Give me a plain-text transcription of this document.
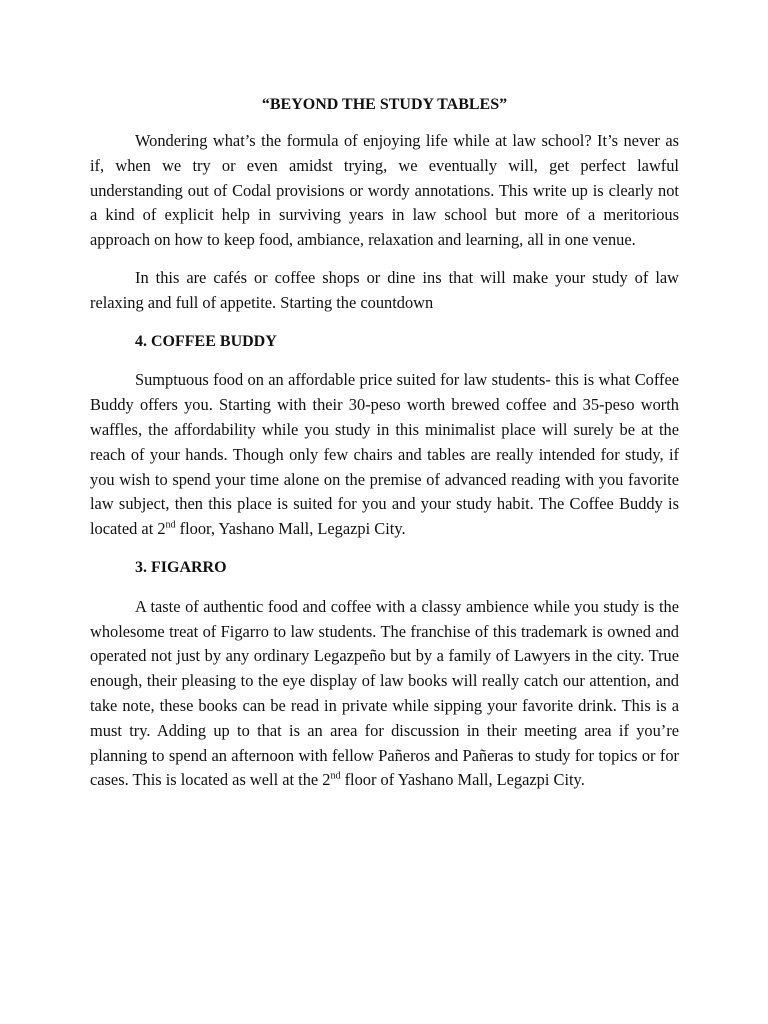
“BEYOND THE STUDY TABLES”

Wondering what’s the formula of enjoying life while at law school? It’s never as if, when we try or even amidst trying, we eventually will, get perfect lawful understanding out of Codal provisions or wordy annotations. This write up is clearly not a kind of explicit help in surviving years in law school but more of a meritorious approach on how to keep food, ambiance, relaxation and learning, all in one venue.

In this are cafés or coffee shops or dine ins that will make your study of law relaxing and full of appetite. Starting the countdown

4. COFFEE BUDDY

Sumptuous food on an affordable price suited for law students- this is what Coffee Buddy offers you. Starting with their 30-peso worth brewed coffee and 35-peso worth waffles, the affordability while you study in this minimalist place will surely be at the reach of your hands. Though only few chairs and tables are really intended for study, if you wish to spend your time alone on the premise of advanced reading with you favorite law subject, then this place is suited for you and your study habit. The Coffee Buddy is located at 2nd floor, Yashano Mall, Legazpi City.

3. FIGARRO

A taste of authentic food and coffee with a classy ambience while you study is the wholesome treat of Figarro to law students. The franchise of this trademark is owned and operated not just by any ordinary Legazpeño but by a family of Lawyers in the city. True enough, their pleasing to the eye display of law books will really catch our attention, and take note, these books can be read in private while sipping your favorite drink. This is a must try. Adding up to that is an area for discussion in their meeting area if you’re planning to spend an afternoon with fellow Pañeros and Pañeras to study for topics or for cases. This is located as well at the 2nd floor of Yashano Mall, Legazpi City.
